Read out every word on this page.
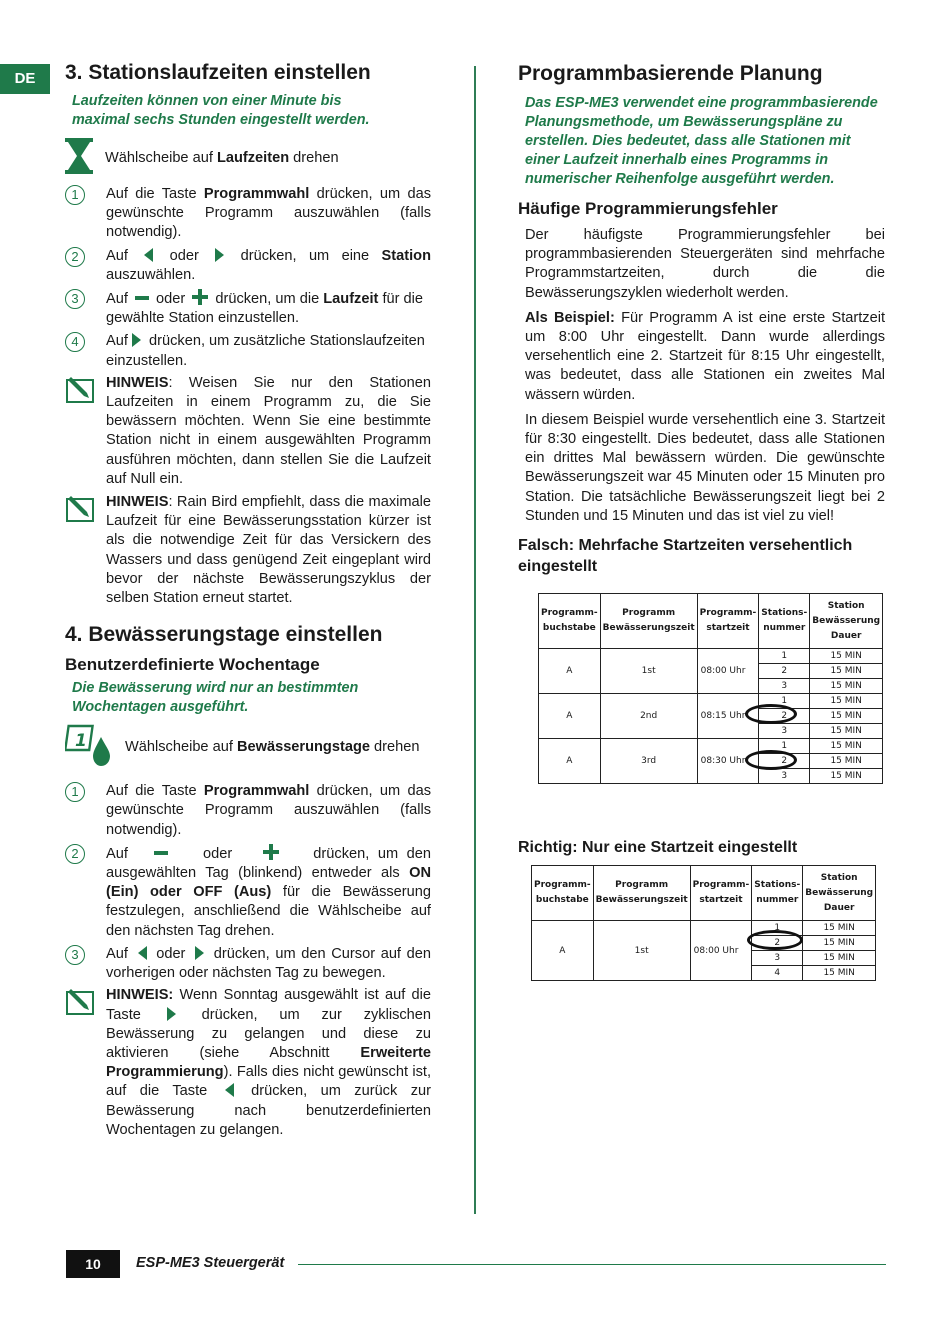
DE	3. Stationslaufzeiten einstellen
Laufzeiten können von einer Minute bis maximal sechs Stunden eingestellt werden.
Wählscheibe auf Laufzeiten drehen
1	Auf die Taste Programmwahl drücken, um das gewünschte Programm auszuwählen (falls notwendig).

2	Auf  oder  drücken, um eine Station auszuwählen.

3	Auf  oder  drücken, um die Laufzeit für die gewählte Station einzustellen.

4	Auf  drücken, um zusätzliche Stationslaufzeiten einzustellen.

HINWEIS: Weisen Sie nur den Stationen Laufzeiten in einem Programm zu, die Sie bewässern möchten. Wenn Sie eine bestimmte Station nicht in einem ausgewählten Programm ausführen möchten, dann stellen Sie die Laufzeit auf Null ein.

HINWEIS: Rain Bird empfiehlt, dass die maximale Laufzeit für eine Bewässerungsstation kürzer ist als die notwendige Zeit für das Versickern des Wassers und dass genügend Zeit eingeplant wird bevor der nächste Bewässerungszyklus der selben Station erneut startet.

4. Bewässerungstage einstellen
Benutzerdefinierte Wochentage
Die Bewässerung wird nur an bestimmten Wochentagen ausgeführt.
1	Wählscheibe auf Bewässerungstage drehen
1	Auf die Taste Programmwahl drücken, um das gewünschte Programm auszuwählen (falls notwendig).

2	Auf	oder	drücken, um den ausgewählten Tag (blinkend) entweder als ON (Ein) oder OFF (Aus) für die Bewässerung festzulegen, anschließend die Wählscheibe auf den nächsten Tag drehen.

3	Auf  oder  drücken, um den Cursor auf den vorherigen oder nächsten Tag zu bewegen.

HINWEIS: Wenn Sonntag ausgewählt ist auf die Taste  drücken, um zur zyklischen Bewässerung zu gelangen und diese zu aktivieren (siehe Abschnitt Erweiterte Programmierung). Falls dies nicht gewünscht ist, auf die Taste  drücken, um zurück zur Bewässerung nach benutzerdefinierten Wochentagen zu gelangen.

Programmbasierende Planung
Das ESP-ME3 verwendet eine programmbasierende Planungsmethode, um Bewässerungspläne zu erstellen. Dies bedeutet, dass alle Stationen mit einer Laufzeit innerhalb eines Programms in numerischer Reihenfolge ausgeführt werden.
Häufige Programmierungsfehler

Der häufigste Programmierungsfehler bei programmbasierenden Steuergeräten sind mehrfache Programmstartzeiten, durch die die Bewässerungszyklen wiederholt werden.

Als Beispiel: Für Programm A ist eine erste Startzeit um 8:00 Uhr eingestellt. Dann wurde allerdings versehentlich eine 2. Startzeit für 8:15 Uhr eingestellt, was bedeutet, dass alle Stationen ein zweites Mal wässern würden.

In diesem Beispiel wurde versehentlich eine 3. Startzeit für 8:30 eingestellt. Dies bedeutet, dass alle Stationen ein drittes Mal bewässern würden. Die gewünschte Bewässerungszeit war 45 Minuten oder 15 Minuten pro Station. Die tatsächliche Bewässerungszeit liegt bei 2 Stunden und 15 Minuten und das ist viel zu viel!

Falsch: Mehrfache Startzeiten versehentlich eingestellt
Programm-buchstabe	Programm Bewässerungszeit	Programm-startzeit	Stations-nummer	Station Bewässerung Dauer
A	1st	08:00 Uhr	1	15 MIN
			2	15 MIN
			3	15 MIN
A	2nd	08:15 Uhr	1	15 MIN
			2	15 MIN
			3	15 MIN
A	3rd	08:30 Uhr	1	15 MIN
			2	15 MIN
			3	15 MIN
Richtig: Nur eine Startzeit eingestellt
Programm-buchstabe	Programm Bewässerungszeit	Programm-startzeit	Stations-nummer	Station Bewässerung Dauer
A	1st	08:00 Uhr	1	15 MIN
			2	15 MIN
			3	15 MIN
			4	15 MIN
10	ESP-ME3 Steuergerät
